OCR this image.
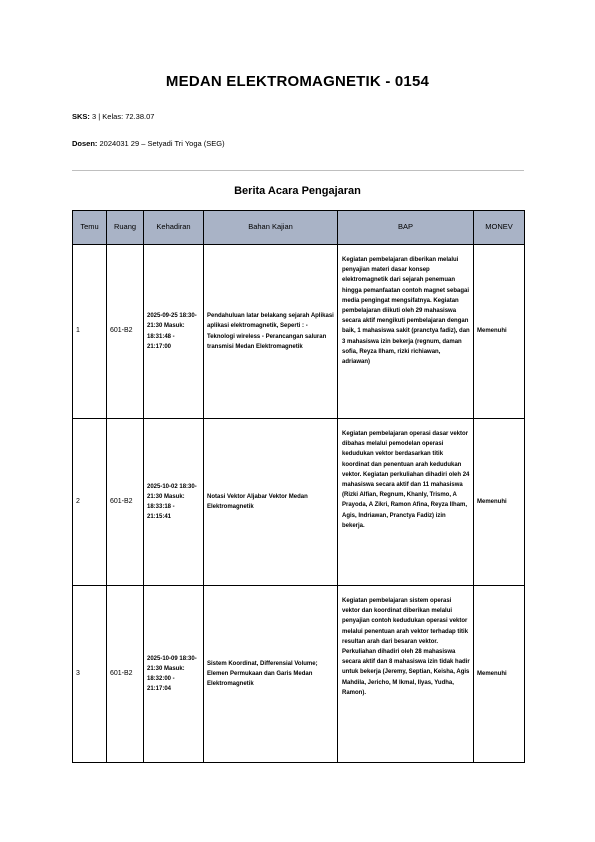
MEDAN ELEKTROMAGNETIK - 0154
SKS: 3 | Kelas: 72.38.07
Dosen: 2024031 29 – Setyadi Tri Yoga (SEG)
Berita Acara Pengajaran
Temu	Ruang	Kehadiran	Bahan Kajian	BAP	MONEV
1	601-B2	2025-09-25 18:30-21:30 Masuk: 18:31:48 - 21:17:00	Pendahuluan latar belakang sejarah Aplikasi aplikasi elektromagnetik, Seperti : - Teknologi wireless - Perancangan saluran transmisi Medan Elektromagnetik	Kegiatan pembelajaran diberikan melalui penyajian materi dasar konsep elektromagnetik dari sejarah penemuan hingga pemanfaatan contoh magnet sebagai media pengingat mengsifatnya. Kegiatan pembelajaran diikuti oleh 29 mahasiswa secara aktif mengikuti pembelajaran dengan baik, 1 mahasiswa sakit (pranctya fadiz), dan 3 mahasiswa izin bekerja (regnum, daman sofia, Reyza Ilham, rizki richiawan, adriawan)	Memenuhi
2	601-B2	2025-10-02 18:30-21:30 Masuk: 18:33:18 - 21:15:41	Notasi Vektor Aljabar Vektor Medan Elektromagnetik	Kegiatan pembelajaran operasi dasar vektor dibahas melalui pemodelan operasi kedudukan vektor berdasarkan titik koordinat dan penentuan arah kedudukan vektor. Kegiatan perkuliahan dihadiri oleh 24 mahasiswa secara aktif dan 11 mahasiswa (Rizki Alfian, Regnum, Khanly, Trismo, A Prayoda, A Zikri, Ramon Afina, Reyza Ilham, Agis, Indriawan, Pranctya Fadiz) izin bekerja.	Memenuhi
3	601-B2	2025-10-09 18:30-21:30 Masuk: 18:32:00 - 21:17:04	Sistem Koordinat, Differensial Volume; Elemen Permukaan dan Garis Medan Elektromagnetik	Kegiatan pembelajaran sistem operasi vektor dan koordinat diberikan melalui penyajian contoh kedudukan operasi vektor melalui penentuan arah vektor terhadap titik resultan arah dari besaran vektor. Perkuliahan dihadiri oleh 28 mahasiswa secara aktif dan 8 mahasiswa izin tidak hadir untuk bekerja (Jeremy, Septian, Keisha, Agis Mahdila, Jericho, M Ikmal, Ilyas, Yudha, Ramon).	Memenuhi
